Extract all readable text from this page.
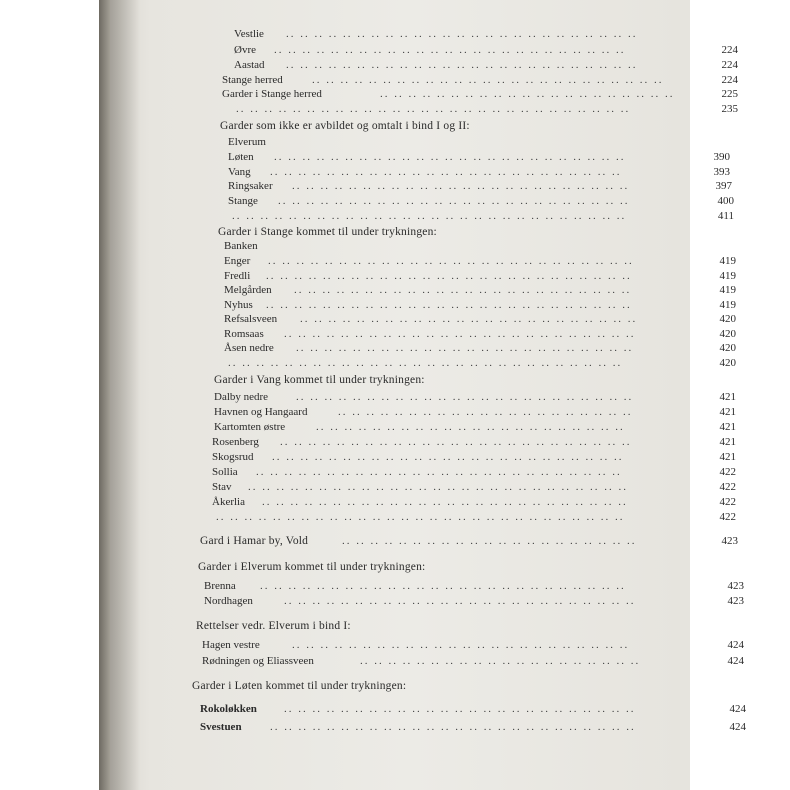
Vestlie .. .. .. .. .. .. .. .. .. .. .. .. .. .. .. .. .. .. .. .. .. .. .. .. ..
Øvre .. .. .. .. .. .. .. .. .. .. .. .. .. .. .. .. .. .. .. .. .. .. .. .. ..	224
Aastad .. .. .. .. .. .. .. .. .. .. .. .. .. .. .. .. .. .. .. .. .. .. .. .. ..	224
Stange herred	.. .. .. .. .. .. .. .. .. .. .. .. .. .. .. .. .. .. .. .. .. .. .. .. ..	224
Garder i Stange herred	.. .. .. .. .. .. .. .. .. .. .. .. .. .. .. .. .. .. .. .. ..	225
.. .. .. .. .. .. .. .. .. .. .. .. .. .. .. .. .. .. .. .. .. .. .. .. .. .. .. ..	235
Garder som ikke er avbildet og omtalt i bind I og II:
Elverum
Løten .. .. .. .. .. .. .. .. .. .. .. .. .. .. .. .. .. .. .. .. .. .. .. .. ..	390
Vang .. .. .. .. .. .. .. .. .. .. .. .. .. .. .. .. .. .. .. .. .. .. .. .. ..	393
Ringsaker .. .. .. .. .. .. .. .. .. .. .. .. .. .. .. .. .. .. .. .. .. .. .. ..	397
Stange .. .. .. .. .. .. .. .. .. .. .. .. .. .. .. .. .. .. .. .. .. .. .. .. ..	400
.. .. .. .. .. .. .. .. .. .. .. .. .. .. .. .. .. .. .. .. .. .. .. .. .. .. .. ..	411
Garder i Stange kommet til under trykningen:
Banken
Enger .. .. .. .. .. .. .. .. .. .. .. .. .. .. .. .. .. .. .. .. .. .. .. .. .. ..	419
Fredli .. .. .. .. .. .. .. .. .. .. .. .. .. .. .. .. .. .. .. .. .. .. .. .. .. ..	419
Melgården .. .. .. .. .. .. .. .. .. .. .. .. .. .. .. .. .. .. .. .. .. .. .. ..	419
Nyhus .. .. .. .. .. .. .. .. .. .. .. .. .. .. .. .. .. .. .. .. .. .. .. .. .. ..	419
Refsalsveen .. .. .. .. .. .. .. .. .. .. .. .. .. .. .. .. .. .. .. .. .. .. .. ..	420
Romsaas .. .. .. .. .. .. .. .. .. .. .. .. .. .. .. .. .. .. .. .. .. .. .. .. ..	420
Åsen nedre .. .. .. .. .. .. .. .. .. .. .. .. .. .. .. .. .. .. .. .. .. .. .. ..	420
.. .. .. .. .. .. .. .. .. .. .. .. .. .. .. .. .. .. .. .. .. .. .. .. .. .. .. ..	420
Garder i Vang kommet til under trykningen:
Dalby nedre	.. .. .. .. .. .. .. .. .. .. .. .. .. .. .. .. .. .. .. .. .. .. .. ..	421
Havnen og Hangaard	.. .. .. .. .. .. .. .. .. .. .. .. .. .. .. .. .. .. .. .. ..	421
Kartomten østre	.. .. .. .. .. .. .. .. .. .. .. .. .. .. .. .. .. .. .. .. .. ..	421
Rosenberg .. .. .. .. .. .. .. .. .. .. .. .. .. .. .. .. .. .. .. .. .. .. .. .. ..	421
Skogsrud .. .. .. .. .. .. .. .. .. .. .. .. .. .. .. .. .. .. .. .. .. .. .. .. ..	421
Sollia .. .. .. .. .. .. .. .. .. .. .. .. .. .. .. .. .. .. .. .. .. .. .. .. .. ..	422
Stav .. .. .. .. .. .. .. .. .. .. .. .. .. .. .. .. .. .. .. .. .. .. .. .. .. .. ..	422
Åkerlia .. .. .. .. .. .. .. .. .. .. .. .. .. .. .. .. .. .. .. .. .. .. .. .. .. ..	422
.. .. .. .. .. .. .. .. .. .. .. .. .. .. .. .. .. .. .. .. .. .. .. .. .. .. .. .. ..	422
Gard i Hamar by, Vold	.. .. .. .. .. .. .. .. .. .. .. .. .. .. .. .. .. .. .. .. ..	423
Garder i Elverum kommet til under trykningen:
Brenna .. .. .. .. .. .. .. .. .. .. .. .. .. .. .. .. .. .. .. .. .. .. .. .. .. ..	423
Nordhagen	.. .. .. .. .. .. .. .. .. .. .. .. .. .. .. .. .. .. .. .. .. .. .. .. ..	423
Rettelser vedr. Elverum i bind I:
Hagen vestre	.. .. .. .. .. .. .. .. .. .. .. .. .. .. .. .. .. .. .. .. .. .. .. ..	424
Rødningen og Eliassveen	.. .. .. .. .. .. .. .. .. .. .. .. .. .. .. .. .. .. .. ..	424
Garder i Løten kommet til under trykningen:
Rokoløkken .. .. .. .. .. .. .. .. .. .. .. .. .. .. .. .. .. .. .. .. .. .. .. .. ..	424
Svestuen	.. .. .. .. .. .. .. .. .. .. .. .. .. .. .. .. .. .. .. .. .. .. .. .. .. ..	424
